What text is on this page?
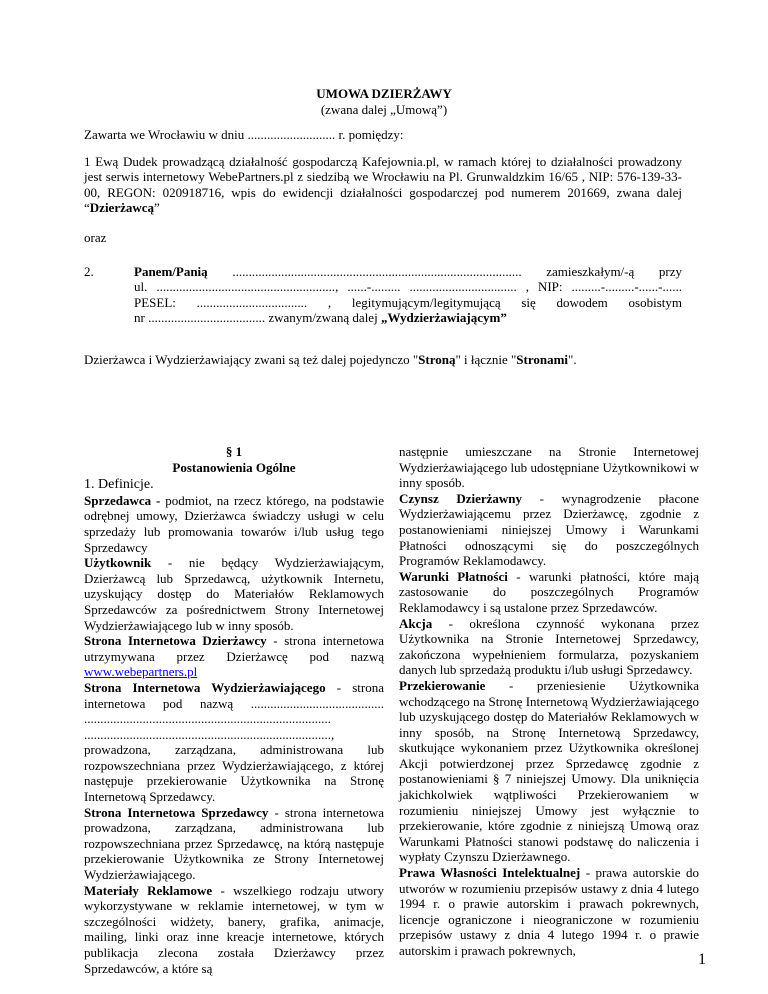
UMOWA DZIERŻAWY
(zwana dalej „Umową”)
Zawarta we Wrocławiu w dniu ........................... r. pomiędzy:
1 Ewą Dudek prowadzącą działalność gospodarczą Kafejownia.pl, w ramach której to działalności prowadzony jest serwis internetowy WebePartners.pl z siedzibą we Wrocławiu na Pl. Grunwaldzkim 16/65 , NIP: 576-139-33-00, REGON: 020918716, wpis do ewidencji działalności gospodarczej pod numerem 201669, zwana dalej “Dzierżawcą”
oraz
2.	Panem/Panią ......................................................................................... zamieszkałym/-ą przy
ul. ......................................................., ......-......... ................................. , NIP: .........-.........-......-......
PESEL: .................................. , legitymującym/legitymującą się dowodem osobistym
nr .................................... zwanym/zwaną dalej „Wydzierżawiającym”
Dzierżawca i Wydzierżawiający zwani są też dalej pojedynczo "Stroną" i łącznie "Stronami".

§ 1

Postanowienia Ogólne

1. Definicje.

Sprzedawca - podmiot, na rzecz którego, na podstawie odrębnej umowy, Dzierżawca świadczy usługi w celu sprzedaży lub promowania towarów i/lub usług tego Sprzedawcy

Użytkownik - nie będący Wydzierżawiającym, Dzierżawcą lub Sprzedawcą, użytkownik Internetu, uzyskujący dostęp do Materiałów Reklamowych Sprzedawców za pośrednictwem Strony Internetowej Wydzierżawiającego lub w inny sposób.

Strona Internetowa Dzierżawcy - strona internetowa utrzymywana przez Dzierżawcę pod nazwą www.webepartners.pl

Strona Internetowa Wydzierżawiającego - strona internetowa pod nazwą ......................................... ............................................................................ ............................................................................, prowadzona, zarządzana, administrowana lub rozpowszechniana przez Wydzierżawiającego, z której następuje przekierowanie Użytkownika na Stronę Internetową Sprzedawcy.

Strona Internetowa Sprzedawcy - strona internetowa prowadzona, zarządzana, administrowana lub rozpowszechniana przez Sprzedawcę, na którą następuje przekierowanie Użytkownika ze Strony Internetowej Wydzierżawiającego.

Materiały Reklamowe - wszelkiego rodzaju utwory wykorzystywane w reklamie internetowej, w tym w szczególności widżety, banery, grafika, animacje, mailing, linki oraz inne kreacje internetowe, których publikacja zlecona została Dzierżawcy przez Sprzedawców, a które są

następnie umieszczane na Stronie Internetowej Wydzierżawiającego lub udostępniane Użytkownikowi w inny sposób.

Czynsz Dzierżawny - wynagrodzenie płacone Wydzierżawiającemu przez Dzierżawcę, zgodnie z postanowieniami niniejszej Umowy i Warunkami Płatności odnoszącymi się do poszczególnych Programów Reklamodawcy.

Warunki Płatności - warunki płatności, które mają zastosowanie do poszczególnych Programów Reklamodawcy i są ustalone przez Sprzedawców.

Akcja - określona czynność wykonana przez Użytkownika na Stronie Internetowej Sprzedawcy, zakończona wypełnieniem formularza, pozyskaniem danych lub sprzedażą produktu i/lub usługi Sprzedawcy.

Przekierowanie - przeniesienie Użytkownika wchodzącego na Stronę Internetową Wydzierżawiającego lub uzyskującego dostęp do Materiałów Reklamowych w inny sposób, na Stronę Internetową Sprzedawcy, skutkujące wykonaniem przez Użytkownika określonej Akcji potwierdzonej przez Sprzedawcę zgodnie z postanowieniami § 7 niniejszej Umowy. Dla uniknięcia jakichkolwiek wątpliwości Przekierowaniem w rozumieniu niniejszej Umowy jest wyłącznie to przekierowanie, które zgodnie z niniejszą Umową oraz Warunkami Płatności stanowi podstawę do naliczenia i wypłaty Czynszu Dzierżawnego.

Prawa Własności Intelektualnej - prawa autorskie do utworów w rozumieniu przepisów ustawy z dnia 4 lutego 1994 r. o prawie autorskim i prawach pokrewnych, licencje ograniczone i nieograniczone w rozumieniu przepisów ustawy z dnia 4 lutego 1994 r. o prawie autorskim i prawach pokrewnych,

1
